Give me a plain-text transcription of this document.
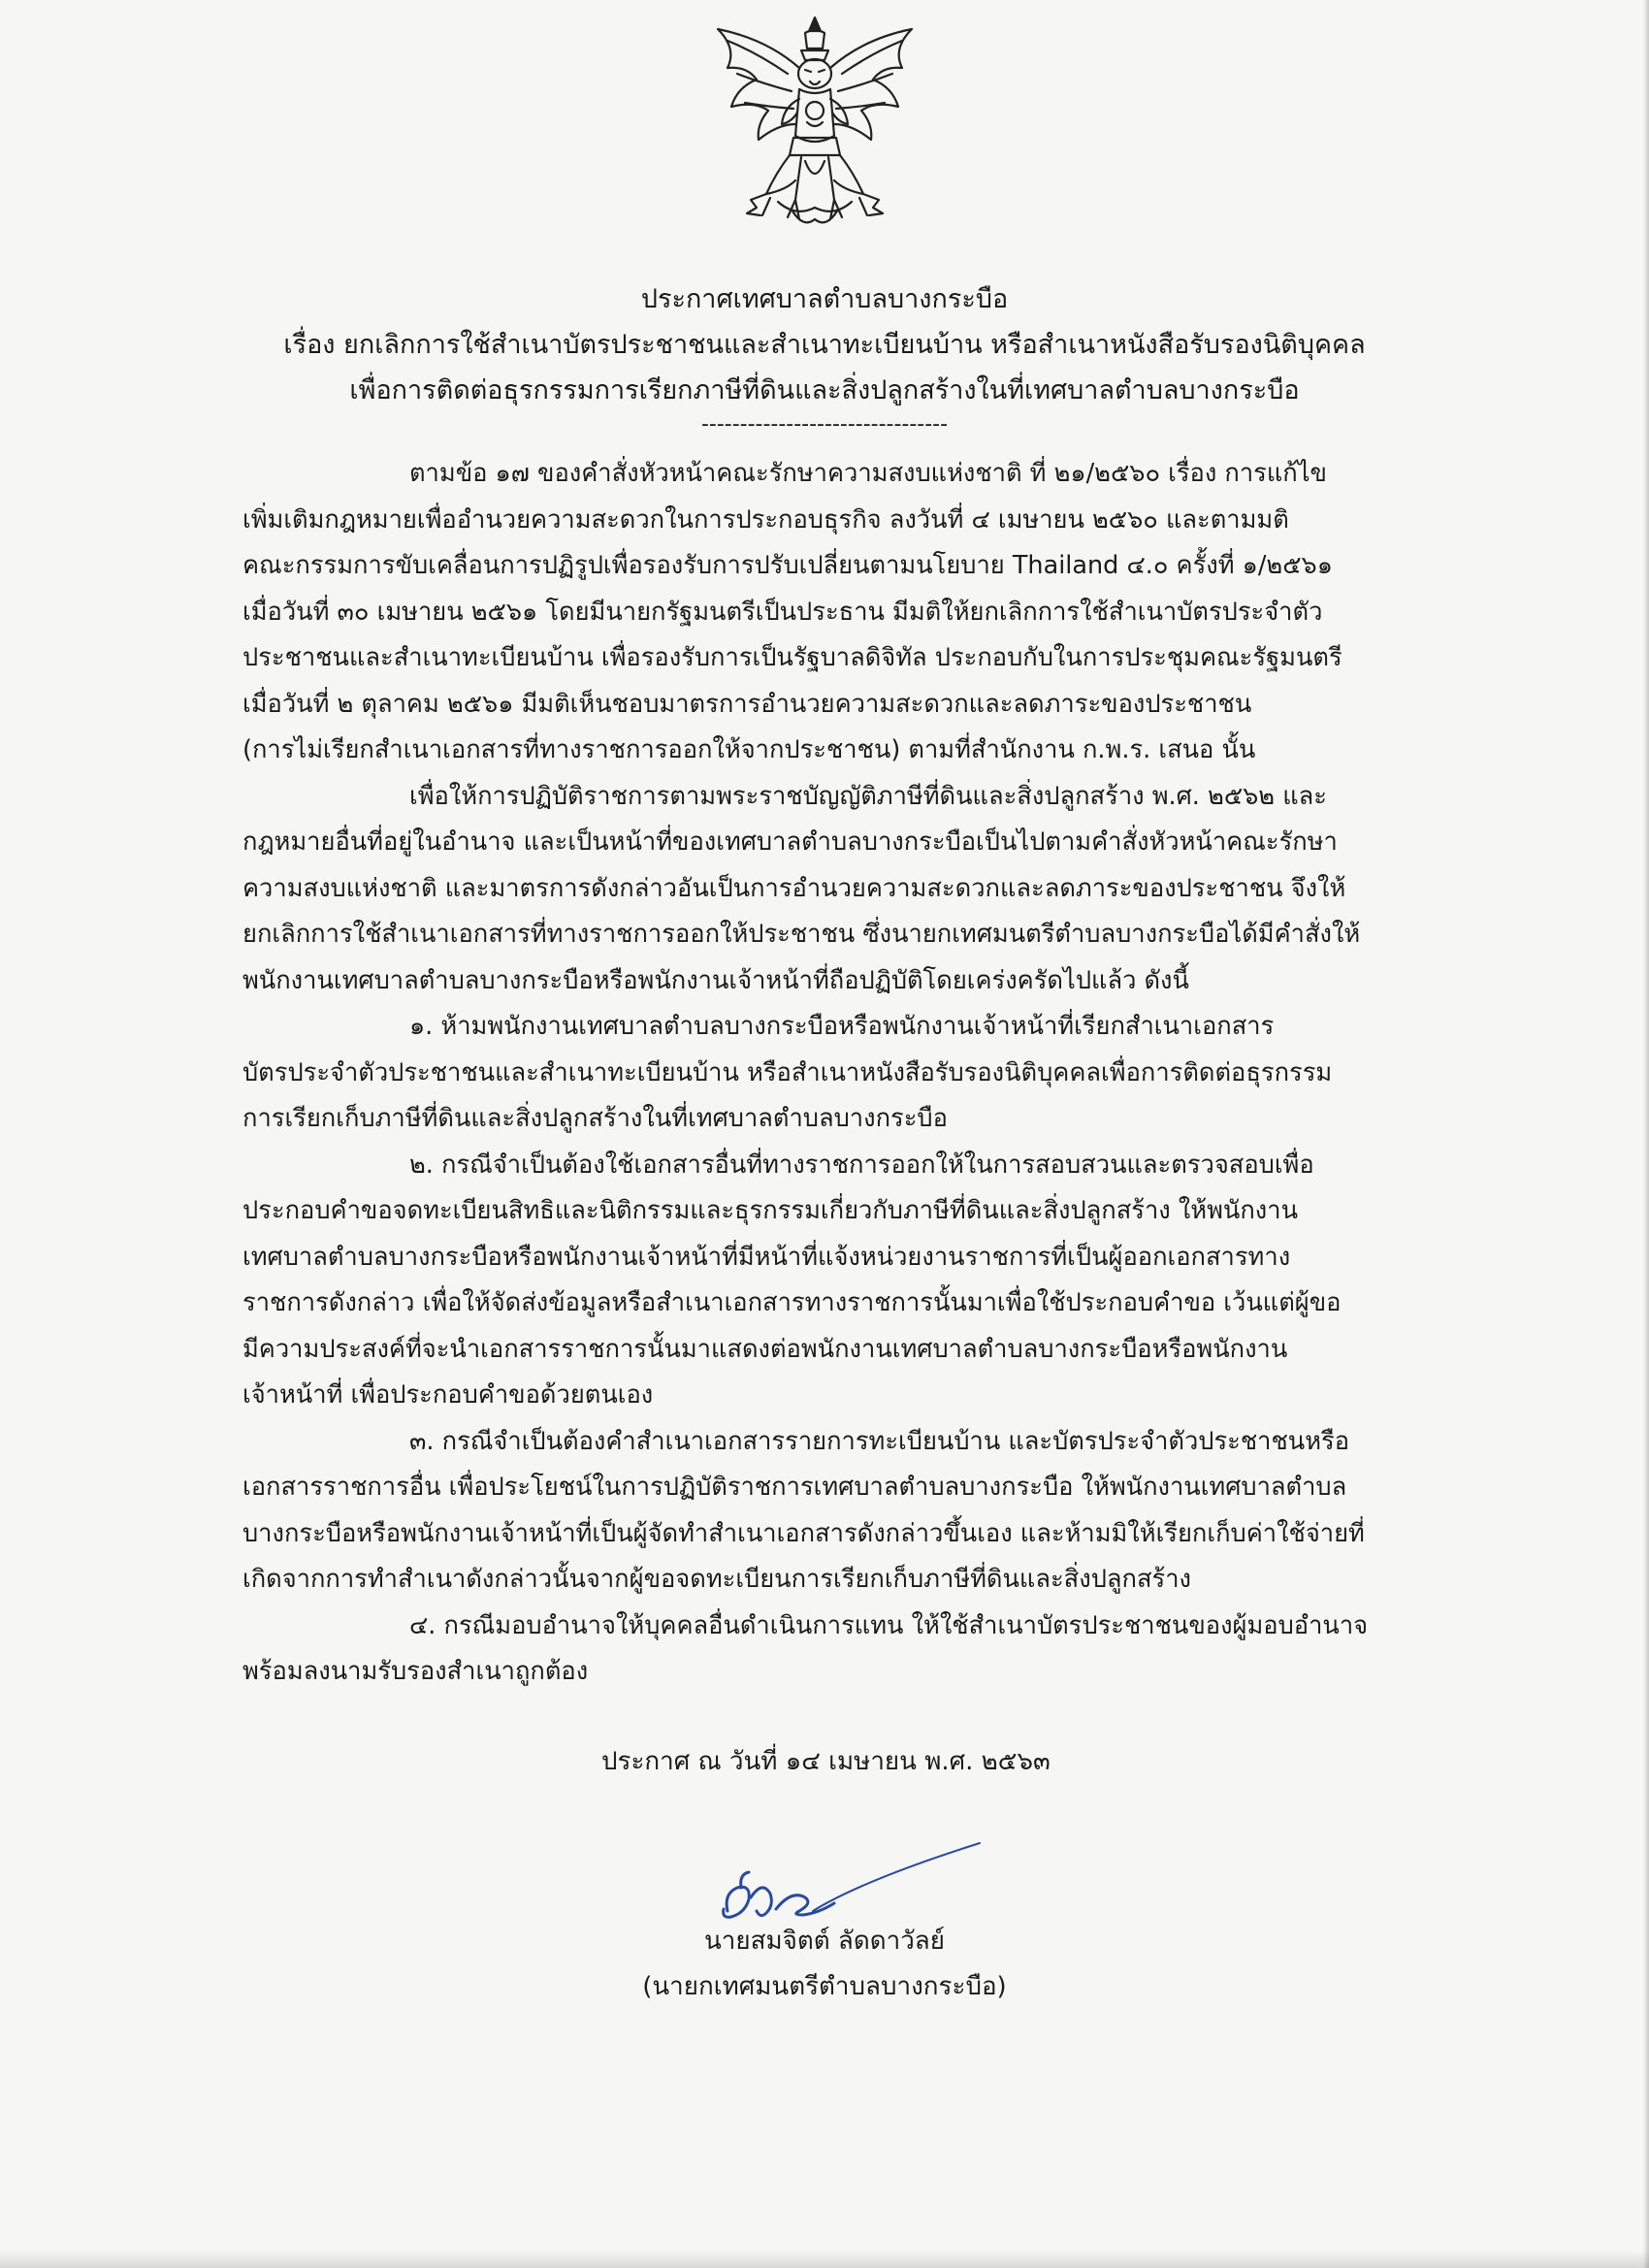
ประกาศเทศบาลตำบลบางกระบือ
เรื่อง ยกเลิกการใช้สำเนาบัตรประชาชนและสำเนาทะเบียนบ้าน หรือสำเนาหนังสือรับรองนิติบุคคล
เพื่อการติดต่อธุรกรรมการเรียกภาษีที่ดินและสิ่งปลูกสร้างในที่เทศบาลตำบลบางกระบือ
--------------------------------

ตามข้อ ๑๗ ของคำสั่งหัวหน้าคณะรักษาความสงบแห่งชาติ ที่ ๒๑/๒๕๖๐ เรื่อง การแก้ไข
เพิ่มเติมกฎหมายเพื่ออำนวยความสะดวกในการประกอบธุรกิจ ลงวันที่ ๔ เมษายน ๒๕๖๐ และตามมติ
คณะกรรมการขับเคลื่อนการปฏิรูปเพื่อรองรับการปรับเปลี่ยนตามนโยบาย Thailand ๔.๐ ครั้งที่ ๑/๒๕๖๑
เมื่อวันที่ ๓๐ เมษายน ๒๕๖๑ โดยมีนายกรัฐมนตรีเป็นประธาน มีมติให้ยกเลิกการใช้สำเนาบัตรประจำตัว
ประชาชนและสำเนาทะเบียนบ้าน เพื่อรองรับการเป็นรัฐบาลดิจิทัล ประกอบกับในการประชุมคณะรัฐมนตรี
เมื่อวันที่ ๒ ตุลาคม ๒๕๖๑ มีมติเห็นชอบมาตรการอำนวยความสะดวกและลดภาระของประชาชน
(การไม่เรียกสำเนาเอกสารที่ทางราชการออกให้จากประชาชน) ตามที่สำนักงาน ก.พ.ร. เสนอ นั้น

เพื่อให้การปฏิบัติราชการตามพระราชบัญญัติภาษีที่ดินและสิ่งปลูกสร้าง พ.ศ. ๒๕๖๒ และ
กฎหมายอื่นที่อยู่ในอำนาจ และเป็นหน้าที่ของเทศบาลตำบลบางกระบือเป็นไปตามคำสั่งหัวหน้าคณะรักษา
ความสงบแห่งชาติ และมาตรการดังกล่าวอันเป็นการอำนวยความสะดวกและลดภาระของประชาชน จึงให้
ยกเลิกการใช้สำเนาเอกสารที่ทางราชการออกให้ประชาชน ซึ่งนายกเทศมนตรีตำบลบางกระบือได้มีคำสั่งให้
พนักงานเทศบาลตำบลบางกระบือหรือพนักงานเจ้าหน้าที่ถือปฏิบัติโดยเคร่งครัดไปแล้ว ดังนี้

๑. ห้ามพนักงานเทศบาลตำบลบางกระบือหรือพนักงานเจ้าหน้าที่เรียกสำเนาเอกสาร
บัตรประจำตัวประชาชนและสำเนาทะเบียนบ้าน หรือสำเนาหนังสือรับรองนิติบุคคลเพื่อการติดต่อธุรกรรม
การเรียกเก็บภาษีที่ดินและสิ่งปลูกสร้างในที่เทศบาลตำบลบางกระบือ

๒. กรณีจำเป็นต้องใช้เอกสารอื่นที่ทางราชการออกให้ในการสอบสวนและตรวจสอบเพื่อ
ประกอบคำขอจดทะเบียนสิทธิและนิติกรรมและธุรกรรมเกี่ยวกับภาษีที่ดินและสิ่งปลูกสร้าง ให้พนักงาน
เทศบาลตำบลบางกระบือหรือพนักงานเจ้าหน้าที่มีหน้าที่แจ้งหน่วยงานราชการที่เป็นผู้ออกเอกสารทาง
ราชการดังกล่าว เพื่อให้จัดส่งข้อมูลหรือสำเนาเอกสารทางราชการนั้นมาเพื่อใช้ประกอบคำขอ เว้นแต่ผู้ขอ
มีความประสงค์ที่จะนำเอกสารราชการนั้นมาแสดงต่อพนักงานเทศบาลตำบลบางกระบือหรือพนักงาน
เจ้าหน้าที่ เพื่อประกอบคำขอด้วยตนเอง

๓. กรณีจำเป็นต้องคำสำเนาเอกสารรายการทะเบียนบ้าน และบัตรประจำตัวประชาชนหรือ
เอกสารราชการอื่น เพื่อประโยชน์ในการปฏิบัติราชการเทศบาลตำบลบางกระบือ ให้พนักงานเทศบาลตำบล
บางกระบือหรือพนักงานเจ้าหน้าที่เป็นผู้จัดทำสำเนาเอกสารดังกล่าวขึ้นเอง และห้ามมิให้เรียกเก็บค่าใช้จ่ายที่
เกิดจากการทำสำเนาดังกล่าวนั้นจากผู้ขอจดทะเบียนการเรียกเก็บภาษีที่ดินและสิ่งปลูกสร้าง

๔. กรณีมอบอำนาจให้บุคคลอื่นดำเนินการแทน ให้ใช้สำเนาบัตรประชาชนของผู้มอบอำนาจ
พร้อมลงนามรับรองสำเนาถูกต้อง

ประกาศ ณ วันที่ ๑๔ เมษายน พ.ศ. ๒๕๖๓
นายสมจิตต์ ลัดดาวัลย์
(นายกเทศมนตรีตำบลบางกระบือ)
